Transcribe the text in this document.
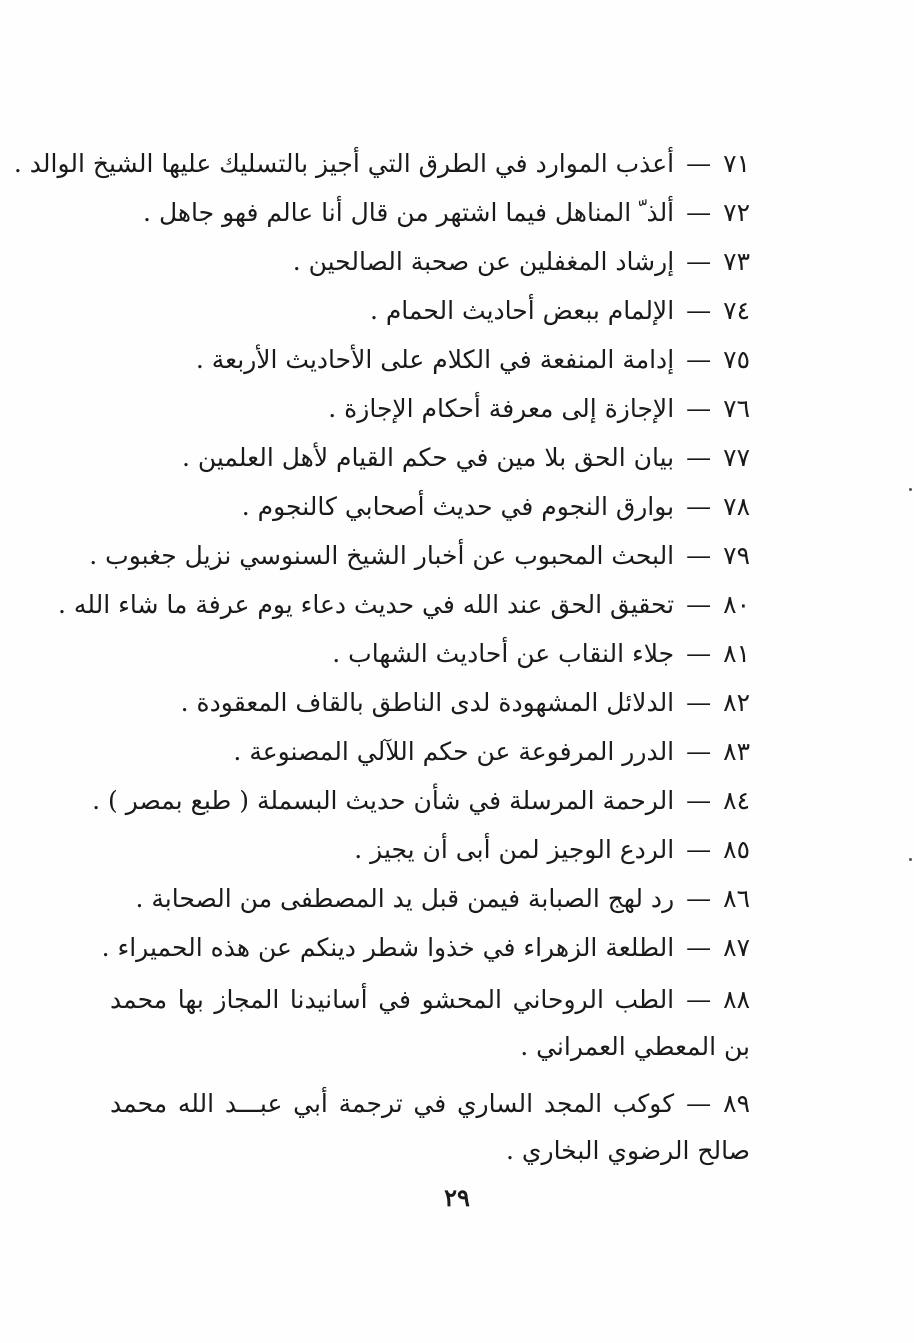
٧١—أعذب الموارد في الطرق التي أجيز بالتسليك عليها الشيخ الوالد .
٧٢—ألذ ّ المناهل فيما اشتهر من قال أنا عالم فهو جاهل .
٧٣—إرشاد المغفلين عن صحبة الصالحين .
٧٤—الإلمام ببعض أحاديث الحمام .
٧٥—إدامة المنفعة في الكلام على الأحاديث الأربعة .
٧٦—الإجازة إلى معرفة أحكام الإجازة .
٧٧—بيان الحق بلا مين في حكم القيام لأهل العلمين .
٧٨—بوارق النجوم في حديث أصحابي كالنجوم .
٧٩—البحث المحبوب عن أخبار الشيخ السنوسي نزيل جغبوب .
٨٠—تحقيق الحق عند الله في حديث دعاء يوم عرفة ما شاء الله .
٨١—جلاء النقاب عن أحاديث الشهاب .
٨٢—الدلائل المشهودة لدى الناطق بالقاف المعقودة .
٨٣—الدرر المرفوعة عن حكم اللآلي المصنوعة .
٨٤—الرحمة المرسلة في شأن حديث البسملة ( طبع بمصر ) .
٨٥—الردع الوجيز لمن أبى أن يجيز .
٨٦—رد لهج الصبابة فيمن قبل يد المصطفى من الصحابة .
٨٧—الطلعة الزهراء في خذوا شطر دينكم عن هذه الحميراء .
٨٨—الطب الروحاني المحشو في أسانيدنا المجاز بها محمد بن المعطي العمراني .
٨٩—كوكب المجد الساري في ترجمة أبي عبـــد الله محمد صالح الرضوي البخاري .
٢٩
